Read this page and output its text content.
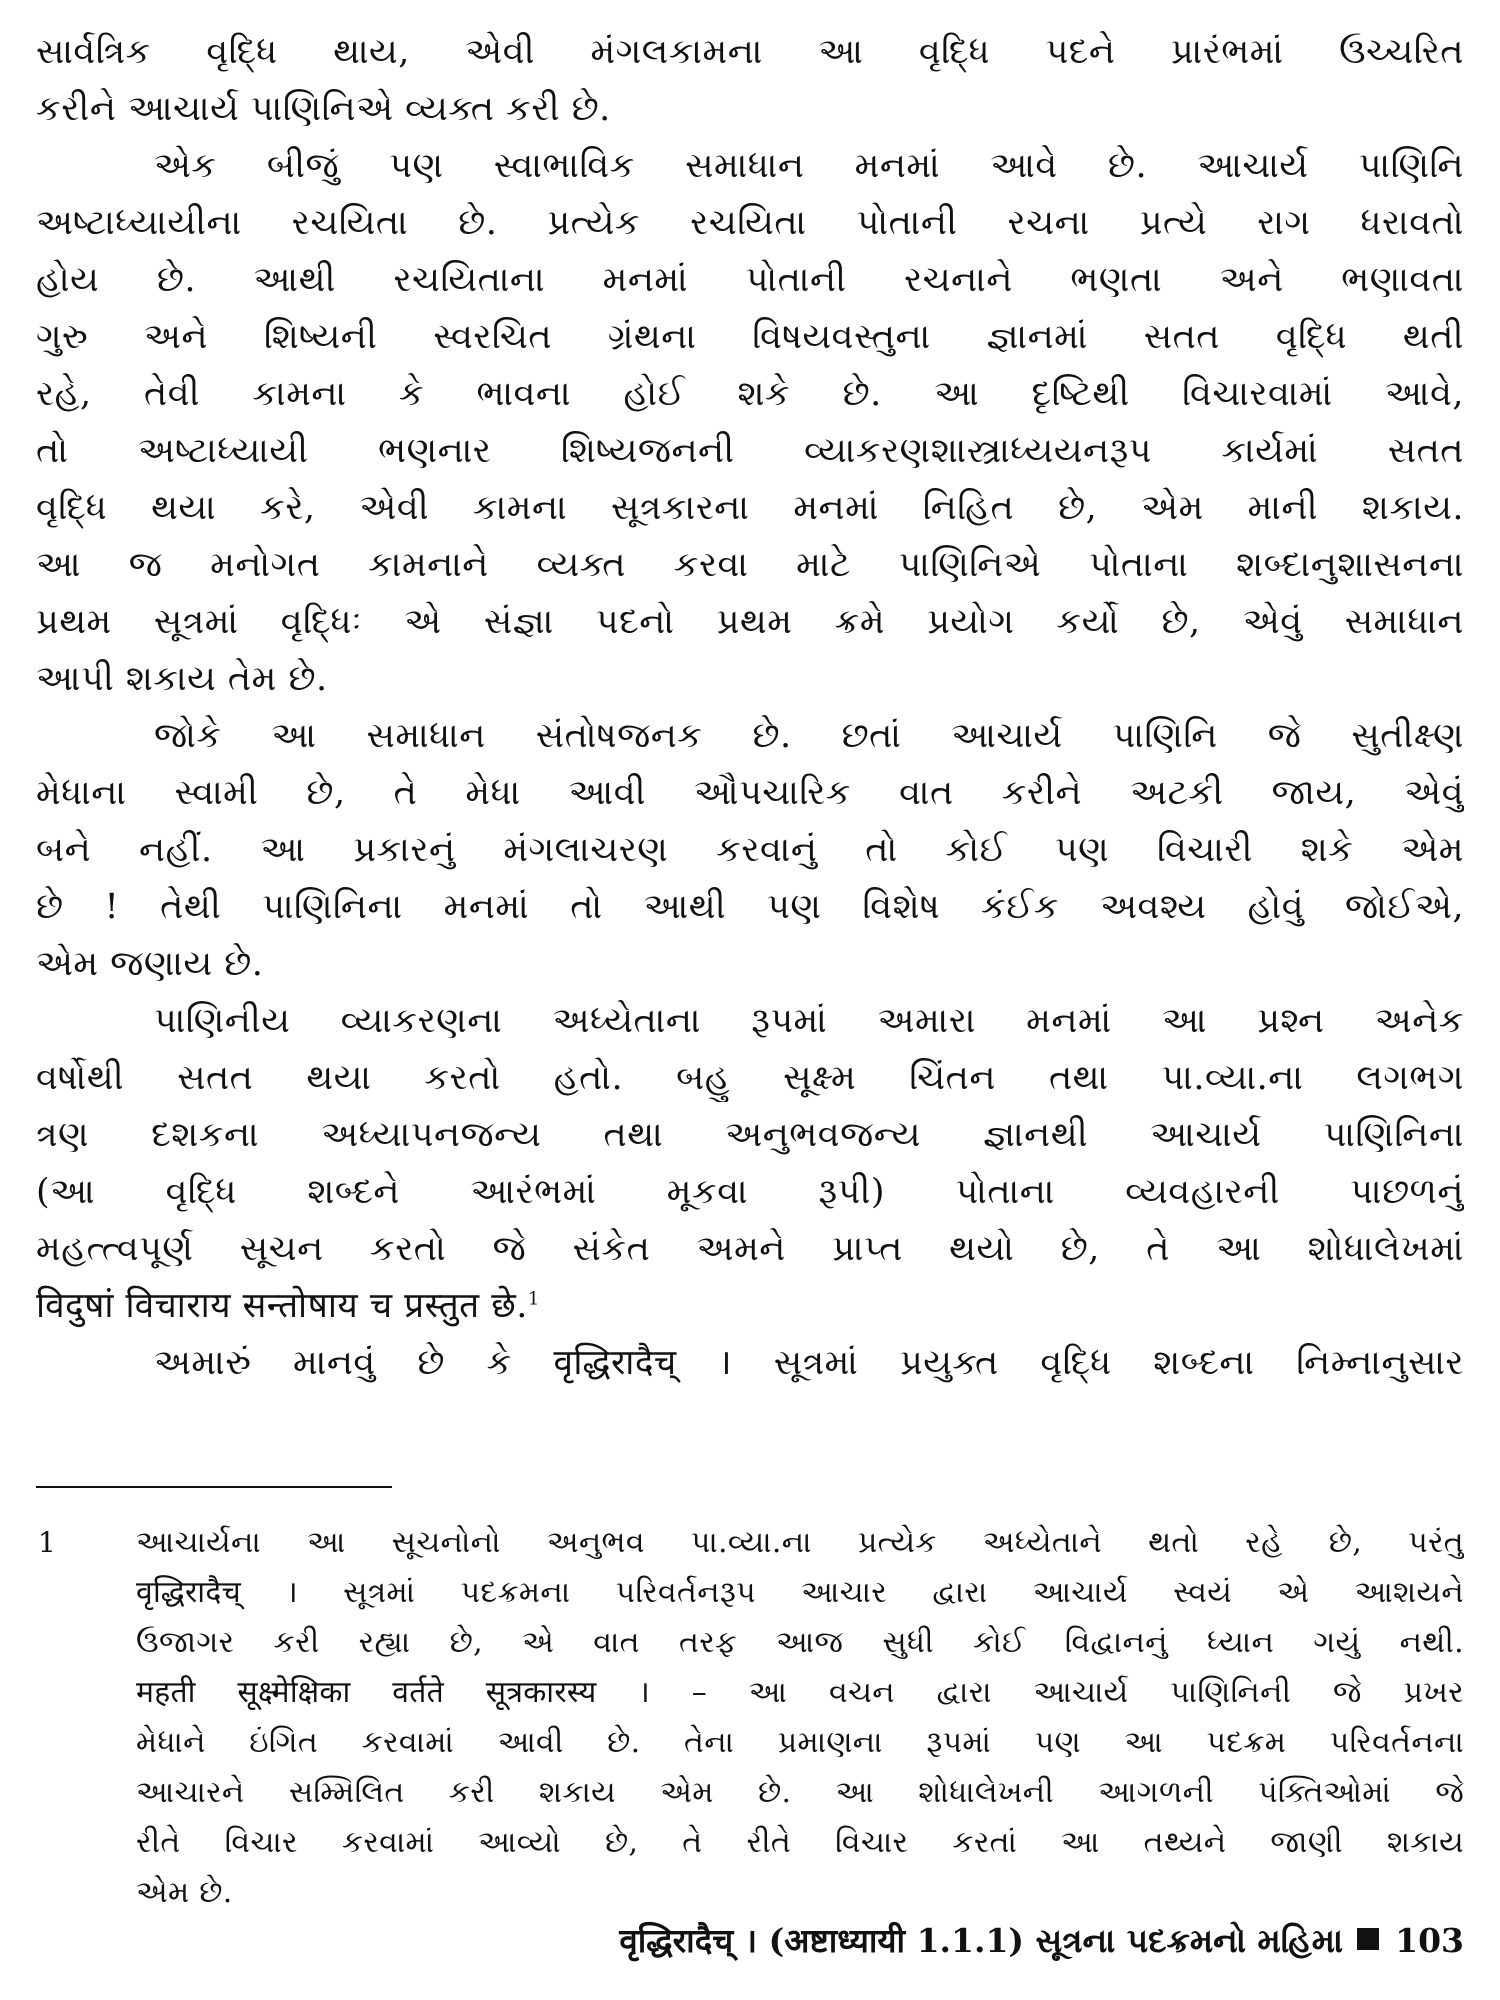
સાર્વત્રિક વૃદ્ધિ થાય, એવી મંગલકામના આ વૃદ્ધિ પદને પ્રારંભમાં ઉચ્ચરિત
કરીને આચાર્ય પાણિનિએ વ્યક્ત કરી છે.
એક બીજું પણ સ્વાભાવિક સમાધાન મનમાં આવે છે. આચાર્ય પાણિનિ
અષ્ટાધ્યાયીના રચયિતા છે. પ્રત્યેક રચયિતા પોતાની રચના પ્રત્યે રાગ ધરાવતો
હોય છે. આથી રચયિતાના મનમાં પોતાની રચનાને ભણતા અને ભણાવતા
ગુરુ અને શિષ્યની સ્વરચિત ગ્રંથના વિષયવસ્તુના જ્ઞાનમાં સતત વૃદ્ધિ થતી
રહે, તેવી કામના કે ભાવના હોઈ શકે છે. આ દૃષ્ટિથી વિચારવામાં આવે,
તો અષ્ટાધ્યાયી ભણનાર શિષ્યજનની વ્યાકરણશાસ્ત્રાધ્યયનરૂપ કાર્યમાં સતત
વૃદ્ધિ થયા કરે, એવી કામના સૂત્રકારના મનમાં નિહિત છે, એમ માની શકાય.
આ જ મનોગત કામનાને વ્યક્ત કરવા માટે પાણિનિએ પોતાના શબ્દાનુશાસનના
પ્રથમ સૂત્રમાં વૃદ્ધિઃ એ સંજ્ઞા પદનો પ્રથમ ક્રમે પ્રયોગ કર્યો છે, એવું સમાધાન
આપી શકાય તેમ છે.
જોકે આ સમાધાન સંતોષજનક છે. છતાં આચાર્ય પાણિનિ જે સુતીક્ષ્ણ
મેધાના સ્વામી છે, તે મેધા આવી ઔપચારિક વાત કરીને અટકી જાય, એવું
બને નહીં. આ પ્રકારનું મંગલાચરણ કરવાનું તો કોઈ પણ વિચારી શકે એમ
છે ! તેથી પાણિનિના મનમાં તો આથી પણ વિશેષ કંઈક અવશ્ય હોવું જોઈએ,
એમ જણાય છે.
પાણિનીય વ્યાકરણના અધ્યેતાના રૂપમાં અમારા મનમાં આ પ્રશ્ન અનેક
વર્ષોથી સતત થયા કરતો હતો. બહુ સૂક્ષ્મ ચિંતન તથા પા.વ્યા.ના લગભગ
ત્રણ દશકના અધ્યાપનજન્ય તથા અનુભવજન્ય જ્ઞાનથી આચાર્ય પાણિનિના
(આ વૃદ્ધિ શબ્દને આરંભમાં મૂકવા રૂપી) પોતાના વ્યવહારની પાછળનું
મહત્ત્વપૂર્ણ સૂચન કરતો જે સંકેત અમને પ્રાપ્ત થયો છે, તે આ શોધાલેખમાં
विदुषां विचाराय सन्तोषाय च प्रस्तुत छे.$^1$
અમારું માનવું છે કે वृद्धिरादैच् । સૂત્રમાં પ્રયુક્ત વૃદ્ધિ શબ્દના નિમ્નાનુસાર
1	આચાર્યના આ સૂચનોનો અનુભવ પા.વ્યા.ના પ્રત્યેક અધ્યેતાને થતો રહે છે, પરંતુ
वृद्धिरादैच् । સૂત્રમાં પદક્રમના પરિવર્તનરૂપ આચાર દ્વારા આચાર્ય સ્વયં એ આશયને
ઉજાગર કરી રહ્યા છે, એ વાત તરફ આજ સુધી કોઈ વિદ્વાનનું ધ્યાન ગયું નથી.
महती सूक्ष्मेक्षिका वर्तते सूत्रकारस्य । – આ વચન દ્વારા આચાર્ય પાણિનિની જે પ્રખર
મેધાને ઇંગિત કરવામાં આવી છે. તેના પ્રમાણના રૂપમાં પણ આ પદક્રમ પરિવર્તનના
આચારને સમ્મિલિત કરી શકાય એમ છે. આ શોધાલેખની આગળની પંક્તિઓમાં જે
રીતે વિચાર કરવામાં આવ્યો છે, તે રીતે વિચાર કરતાં આ તથ્યને જાણી શકાય
એમ છે.
वृद्धिरादैच् । (अष्टाध्यायी 1.1.1) સૂત્રના પદક્રમનો મહિમા 103
